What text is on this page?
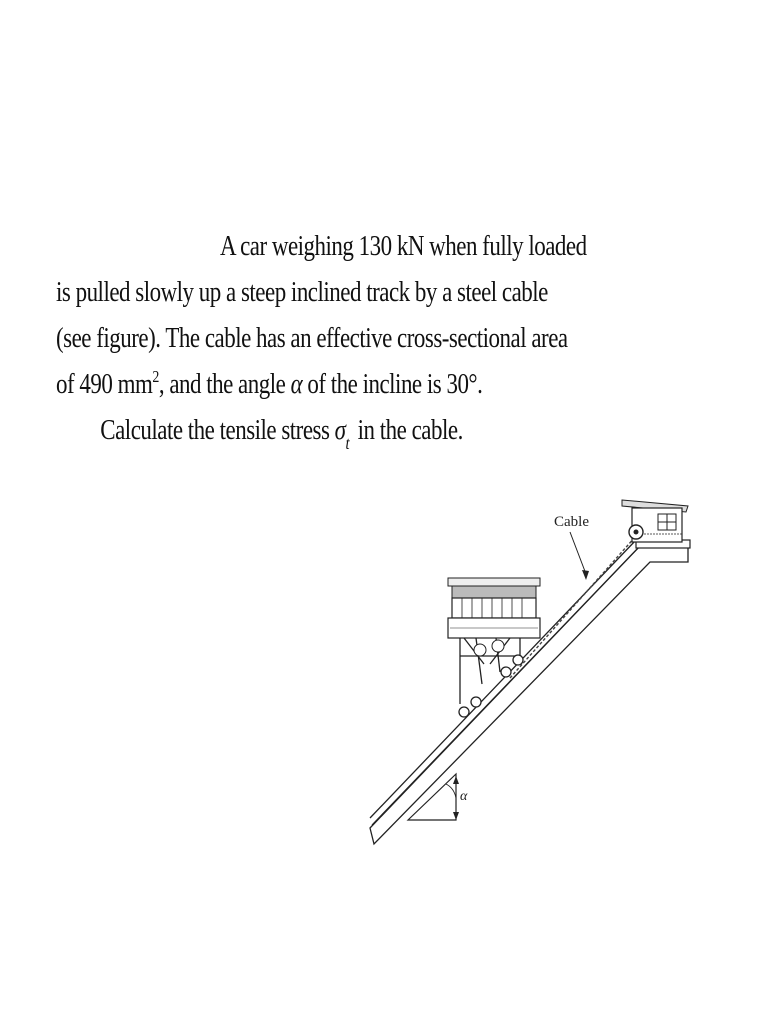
A car weighing 130 kN when fully loaded
is pulled slowly up a steep inclined track by a steel cable
(see figure). The cable has an effective cross-sectional area
of 490 $mm^2$, and the angle α of the incline is 30°.
Calculate the tensile stress $\sigma_t$ in the cable.
Cable
α
